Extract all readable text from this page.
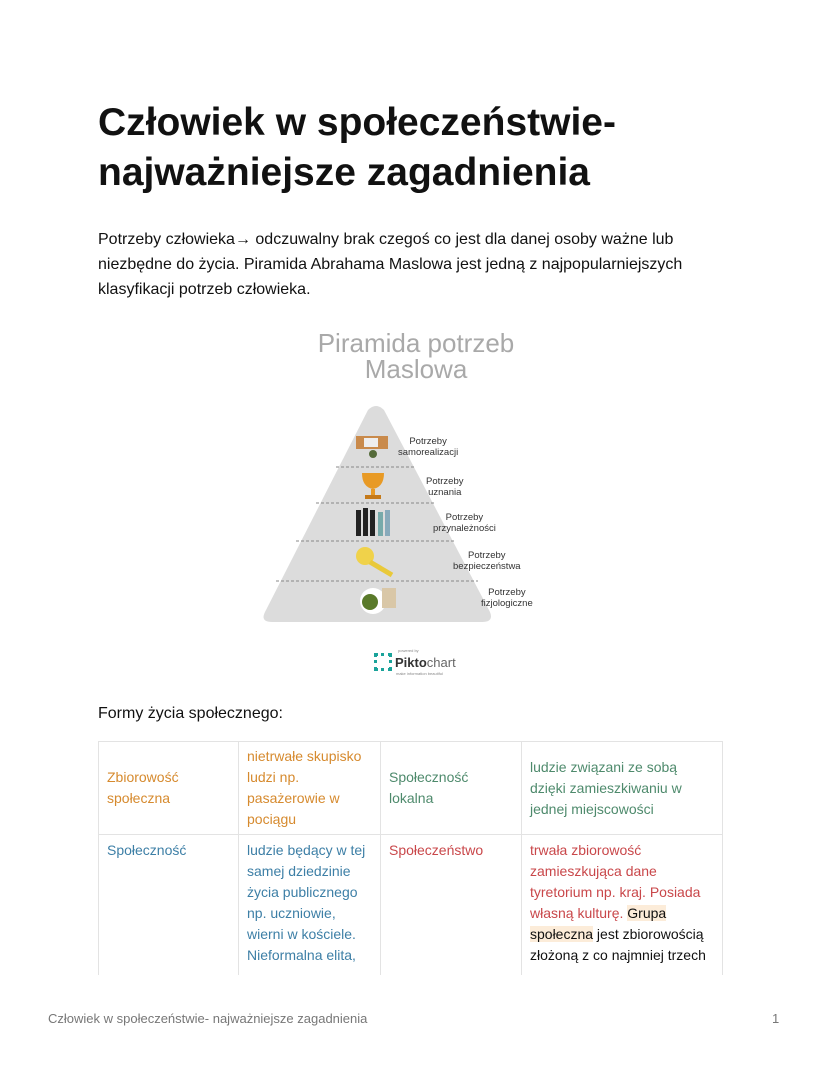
Człowiek w społeczeństwie- najważniejsze zagadnienia

Potrzeby człowieka→ odczuwalny brak czegoś co jest dla danej osoby ważne lub niezbędne do życia. Piramida Abrahama Maslowa jest jedną z najpopularniejszych klasyfikacji potrzeb człowieka.

Piramida potrzeb
Maslowa
Potrzeby
samorealizacji
Potrzeby
uznania
Potrzeby
przynależności
Potrzeby
bezpieczeństwa
Potrzeby
fizjologiczne
powered by
Piktochart
make information beautiful
Formy życia społecznego:
Zbiorowość społeczna	nietrwałe skupisko ludzi np. pasażerowie w pociągu	Społeczność lokalna	ludzie związani ze sobą dzięki zamieszkiwaniu w jednej miejscowości
Społeczność	ludzie będący w tej samej dziedzinie życia publicznego np. uczniowie, wierni w kościele. Nieformalna elita,	Społeczeństwo	trwała zbiorowość zamieszkująca dane tyretorium np. kraj. Posiada własną kulturę. Grupa społeczna jest zbiorowością złożoną z co najmniej trzech
Człowiek w społeczeństwie- najważniejsze zagadnienia	1
